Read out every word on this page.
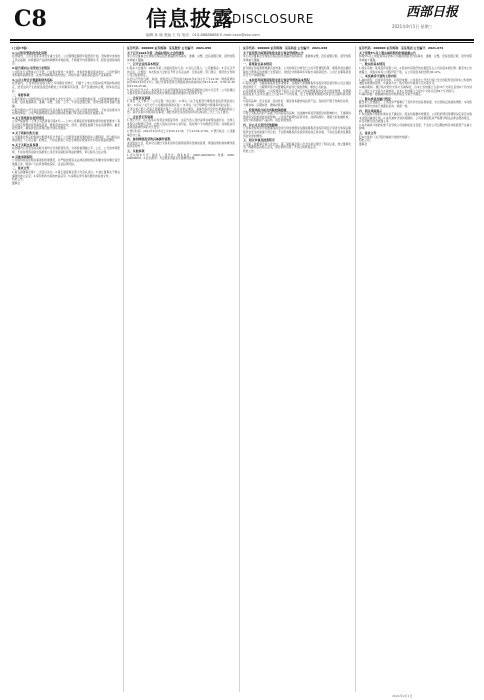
C8	信息披露
DISCLOSURE	西部日报
2021年9月1日 星期三
编辑 孙 瑜 美编 王 伟 电话：010-88888888 E-mail:xxxx@xxx.com

(上接C7版)

1.公司经营情况的变化说明

报告期内，公司主营业务未发生重大变化。公司管理层围绕年度经营计划，坚持稳中求进的工作总基调，持续推进产品结构调整和市场拓展，不断提升内部管理水平，经营业绩保持稳定。

2.报告期内公司所处行业情况

公司所处行业整体运行平稳，行业集中度进一步提升，市场竞争格局逐步优化。公司凭借技术积累和品牌优势，在细分领域保持领先地位，持续为客户提供高质量的产品和服务。

3.公司主要会计数据和财务指标

报告期内，公司实现营业收入较上年同期有所增长，归属于上市公司股东的净利润保持稳定，经营活动产生的现金流量净额较上年同期有所改善，资产负债结构合理，财务状况良好。

二、重要事项

1.报告期内公司控股股东及实际控制人未发生变化，公司治理结构完善，内部控制制度健全有效，信息披露真实、准确、完整、及时、公平，不存在虚假记载、误导性陈述或者重大遗漏。

2.报告期内公司不存在控股股东及其关联方非经营性占用公司资金的情况，不存在违规对外担保的情况。公司严格按照相关法律法规的规定履行审议程序和信息披露义务。

3.关于募集资金使用情况

公司严格按照《上市公司监管指引第2号——上市公司募集资金管理和使用的监管要求》等有关规定管理和使用募集资金，募集资金的存放、使用、管理及披露不存在违规情形。截至报告期末，募集资金投资项目按计划有序推进。

4.关于利润分配方案

公司董事会拟定的利润分配预案充分考虑了公司经营发展需要和股东合理回报，符合相关法律法规及《公司章程》的规定，不存在损害公司及全体股东特别是中小股东利益的情形。

5.关于关联交易事项

报告期内公司发生的关联交易均为日常经营所需，交易价格遵循公平、公正、公允的市场原则，不存在利用关联交易损害公司及非关联股东利益的情形，审议程序合法合规。

6.其他事项说明

公司将持续关注相关事项的进展情况，并严格按照有关法律法规的规定和要求及时履行信息披露义务，敬请广大投资者理性投资，注意投资风险。

三、备查文件

1.第五届董事会第十二次会议决议；2.第五届监事会第十次会议决议；3.独立董事关于相关事项的独立意见；4.保荐机构出具的核查意见；5.深圳证券交易所要求的其他文件。

特此公告。

董事会

证券代码：000000 证券简称：某某股份 公告编号：2021-056

关于召开2021年第二次临时股东大会的通知

本公司及董事会全体成员保证信息披露的内容真实、准确、完整，没有虚假记载、误导性陈述或重大遗漏。

一、召开会议的基本情况

1.股东大会届次：2021年第二次临时股东大会。2.会议召集人：公司董事会。3.会议召开的合法、合规性：本次股东大会的召开符合有关法律、行政法规、部门规章、规范性文件和公司章程的规定。

4.会议召开的日期、时间：现场会议召开时间为2021年9月17日下午14:30；网络投票时间为2021年9月17日。通过交易系统进行网络投票的具体时间为9:15-9:25，9:30-11:30和13:00-15:00。

5.会议的召开方式：本次股东大会采用现场表决与网络投票相结合的方式召开。公司将通过交易系统和互联网投票系统向全体股东提供网络形式的投票平台。

二、会议审议事项

1.审议《关于修订〈公司章程〉的议案》；2.审议《关于变更部分募集资金投资项目的议案》；3.审议《关于为子公司提供担保的议案》；4.审议《关于续聘会计师事务所的议案》。

上述议案已经公司第五届董事会第十二次会议审议通过，具体内容详见同日披露的相关公告。其中议案1为特别决议事项，须经出席会议的股东所持表决权的三分之二以上通过。

三、会议登记等事项

1.登记方式：法人股东应持营业执照复印件、法定代表人身份证明书或授权委托书、出席人身份证办理登记手续；自然人股东应持本人身份证、股东账户卡办理登记手续。异地股东可采用信函或传真的方式登记。

2.登记时间：2021年9月15日上午9:00-11:30，下午13:30-17:00。3.登记地点：公司董事会办公室。

四、参加网络投票的具体操作流程

本次股东大会，股东可以通过交易系统和互联网投票系统参加投票，网络投票的具体操作流程详见附件一。

五、其他事项

1.会议联系方式：联系人：张先生；联系电话：0000-00000000；传真：0000-00000000。2.会议费用：与会股东食宿及交通费用自理。

证券代码：000000 证券简称：某某科技 公告编号：2021-038

关于使用部分闲置募集资金进行现金管理的公告

本公司及董事会全体成员保证信息披露内容的真实、准确和完整，没有虚假记载、误导性陈述或重大遗漏。

一、募集资金基本情况

经中国证券监督管理委员会核准，公司向特定对象发行人民币普通股股票，募集资金总额扣除发行费用后的净额已全部到位，并经会计师事务所审验出具验资报告。公司已对募集资金实行专户存储管理。

二、本次使用闲置募集资金进行现金管理的基本情况

1.投资目的：为提高募集资金使用效率，在确保不影响募集资金投资项目建设和公司正常经营的情况下，合理利用部分闲置募集资金进行现金管理，增加公司收益。

2.投资额度及期限：公司拟使用不超过人民币5亿元的闲置募集资金进行现金管理，使用期限自股东大会审议通过之日起12个月内有效，在上述额度和期限内资金可以循环滚动使用。

3.投资品种：安全性高、流动性好、满足保本要求的投资产品，包括但不限于结构性存款、大额存单、定期存款、通知存款等。

三、投资风险分析及风险控制措施

尽管公司拟投资的产品属于低风险投资品种，但金融市场受宏观经济的影响较大，不排除该项投资受到市场波动的影响。公司将严格筛选投资对象，选择信誉好、规模大的金融机构，及时分析和跟踪产品投向、项目进展情况。

四、对公司日常经营的影响

公司本次使用部分闲置募集资金进行现金管理是在确保募集资金投资项目正常进行和保证募集资金安全的前提下进行的，不会影响募集资金投资项目的正常实施，不存在变相改变募集资金用途的情形。

五、相关审核及批准程序

公司第三届董事会第九次会议、第三届监事会第八次会议审议通过了相关议案，独立董事发表了明确同意的独立意见，保荐机构出具了无异议的核查意见。

特此公告。

证券代码：000000 证券简称：某某集团 公告编号：2021-072

关于持股5%以上股东减持股份的预披露公告

持股5%以上的股东保证向本公司提供的信息内容真实、准确、完整，没有虚假记载、误导性陈述或重大遗漏。

一、股东的基本情况

1.股东名称：某某投资有限公司。2.股东持有股份的总数量及占公司总股本的比例：截至本公告披露日，该股东持有公司股份若干股，占公司总股本的比例为6.12%。

二、本次减持计划的主要内容

1.减持原因：自身资金需求。2.股份来源：公司首次公开发行前已发行的股份及因资本公积金转增股本取得的股份。3.减持方式：集中竞价交易或大宗交易方式。

4.减持期间：通过集中竞价交易方式减持的，自本公告披露之日起15个交易日后的6个月内进行；通过大宗交易方式减持的，自本公告披露之日起3个交易日后的6个月内进行。

5.减持价格：根据减持时的市场价格及交易方式确定。

三、股东承诺及履行情况

截至本公告披露日，上述股东严格履行了其所作出的各项承诺，未出现违反承诺的情形。本次拟减持事项与此前已披露的意向、承诺一致。

四、相关风险提示

1.本次减持计划的实施存在不确定性，股东将根据市场情况、公司股价情况等情形决定是否实施本次股份减持计划。2.本次减持计划实施期间，公司将督促股东严格遵守相关法律法规的规定，并及时履行信息披露义务。

3.本次减持计划的实施不会导致公司控制权发生变更，不会对公司治理结构及持续经营产生重大影响。

五、备查文件

股东出具的《关于股份减持计划的告知函》。

特此公告。

董事会

2021年9月1日
